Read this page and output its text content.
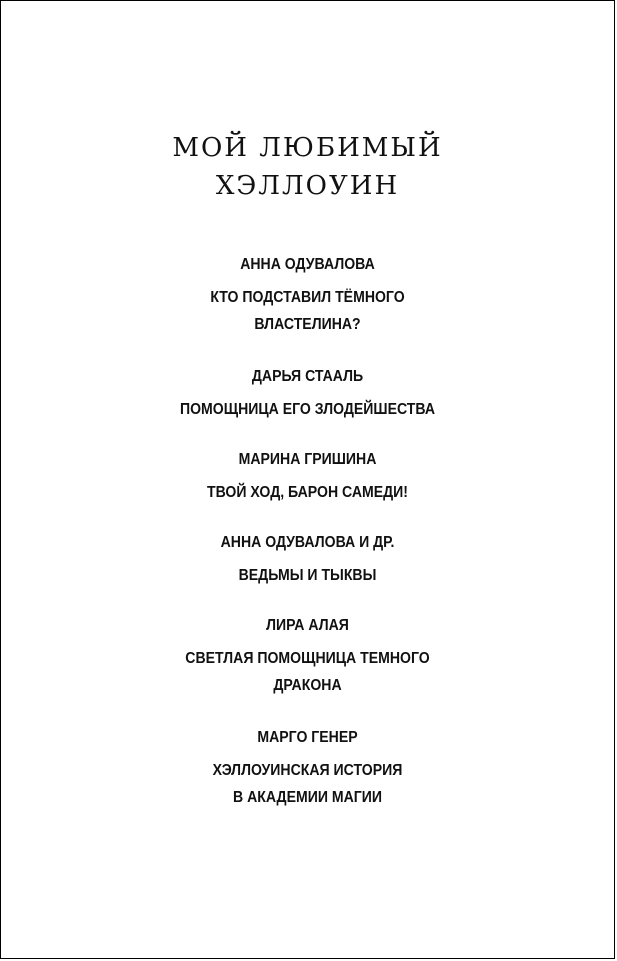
МОЙ ЛЮБИМЫЙ
ХЭЛЛОУИН
АННА ОДУВАЛОВА
КТО ПОДСТАВИЛ ТЁМНОГО
ВЛАСТЕЛИНА?
ДАРЬЯ СТААЛЬ
ПОМОЩНИЦА ЕГО ЗЛОДЕЙШЕСТВА
МАРИНА ГРИШИНА
ТВОЙ ХОД, БАРОН САМЕДИ!
АННА ОДУВАЛОВА И ДР.
ВЕДЬМЫ И ТЫКВЫ
ЛИРА АЛАЯ
СВЕТЛАЯ ПОМОЩНИЦА ТЕМНОГО
ДРАКОНА
МАРГО ГЕНЕР
ХЭЛЛОУИНСКАЯ ИСТОРИЯ
В АКАДЕМИИ МАГИИ
